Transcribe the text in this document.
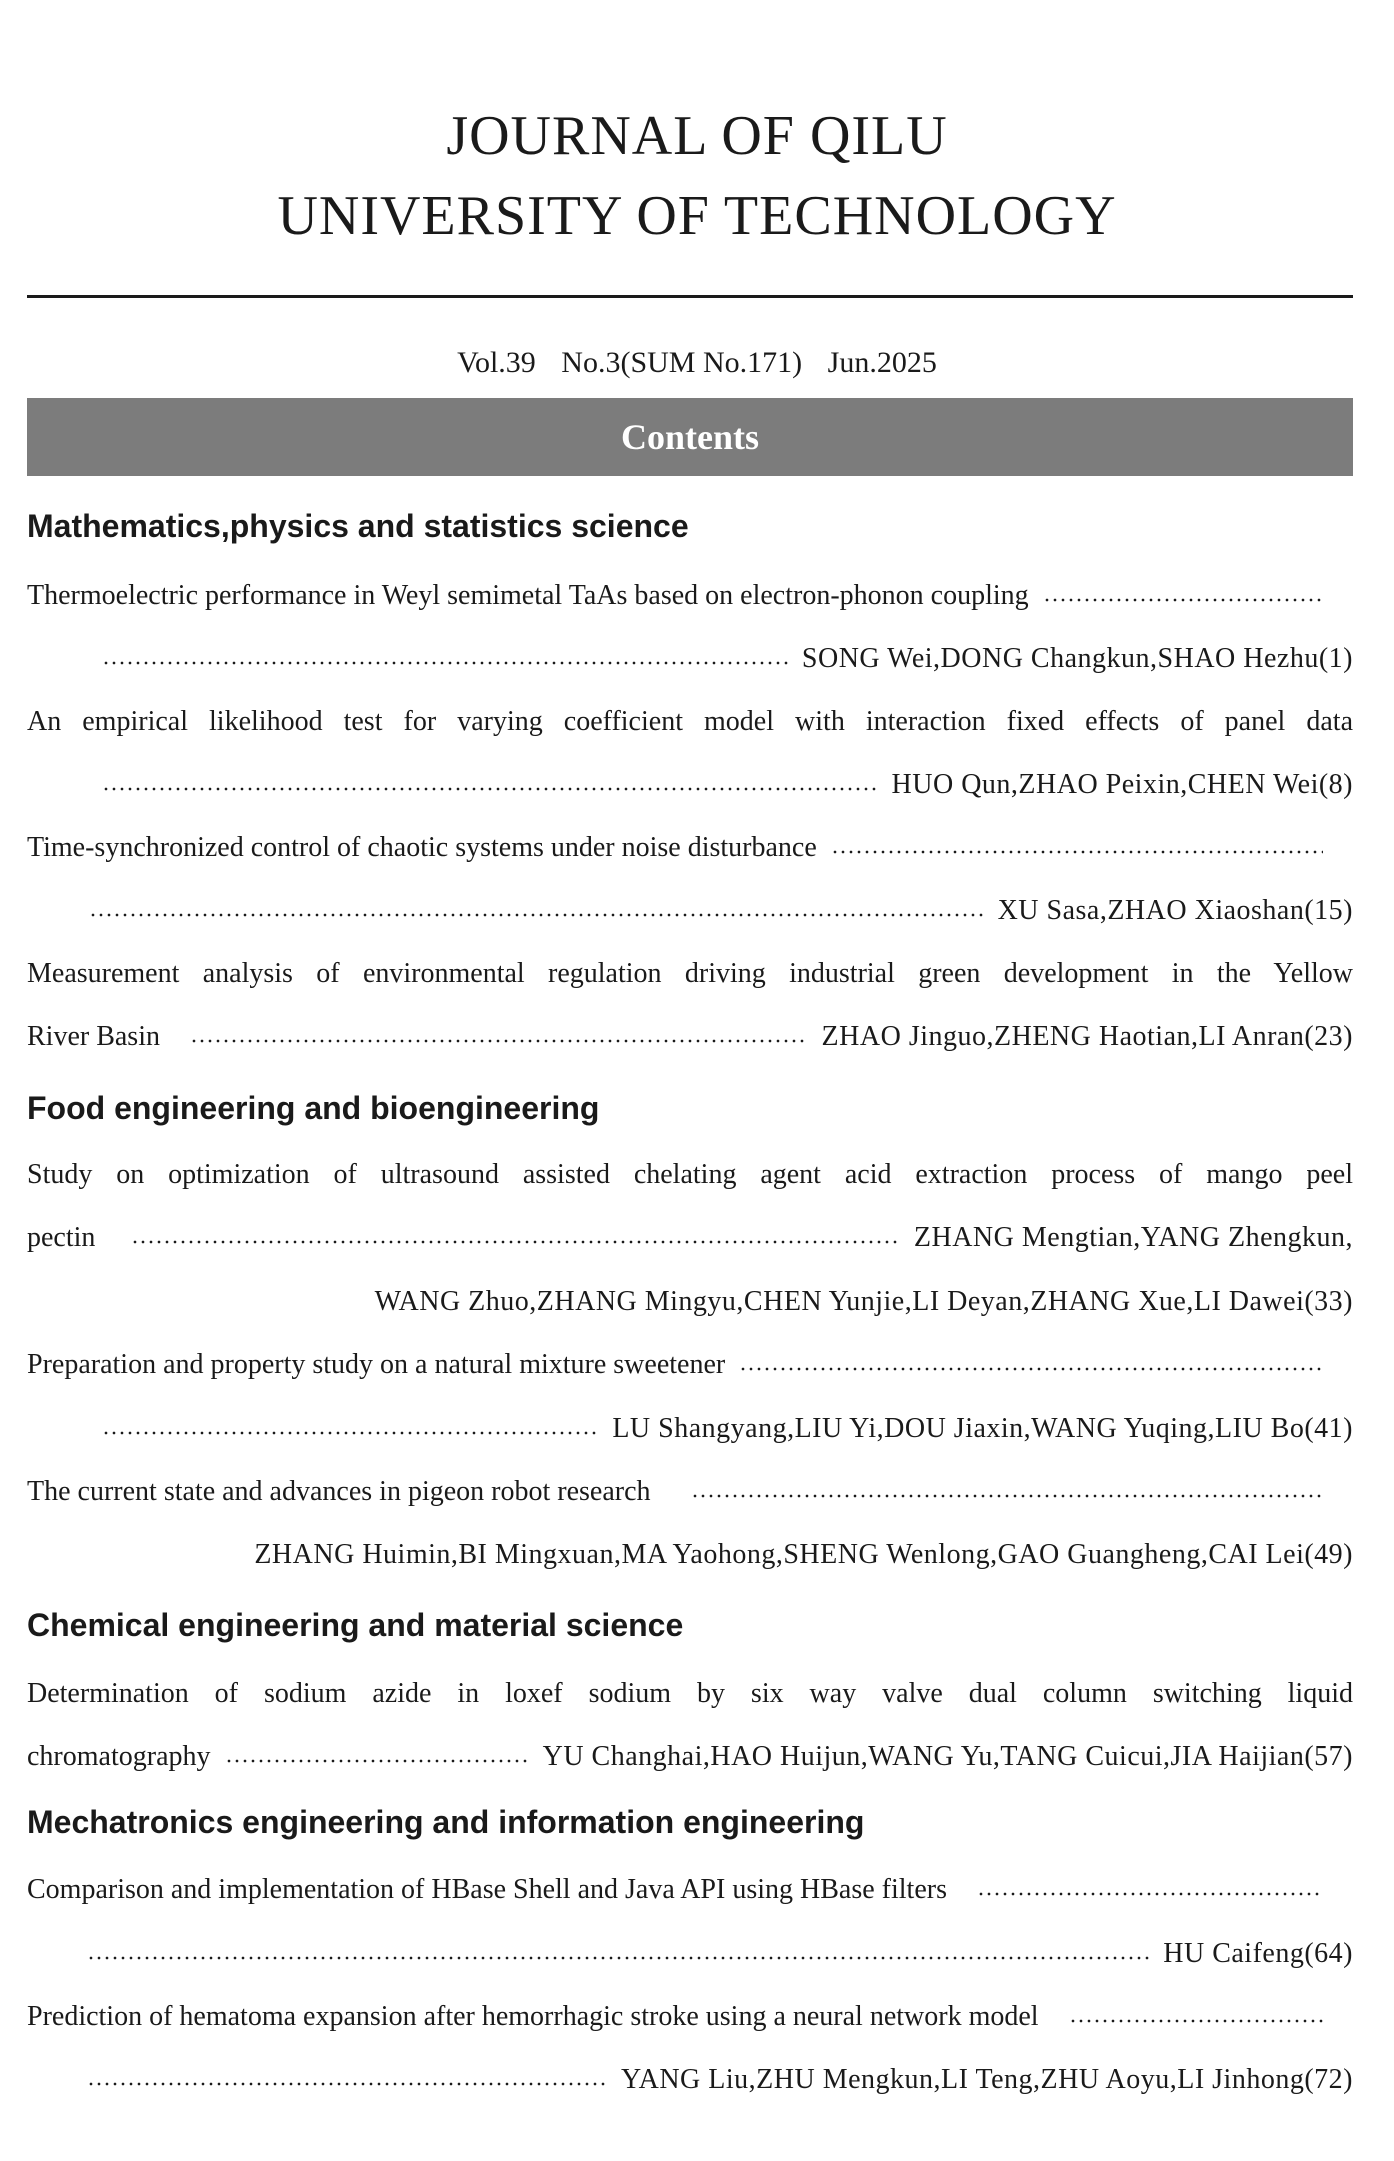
JOURNAL OF QILU
UNIVERSITY OF TECHNOLOGY
Vol.39 No.3(SUM No.171) Jun.2025
Contents
Mathematics,physics and statistics science
Thermoelectric performance in Weyl semimetal TaAs based on electron-phonon coupling
SONG Wei,DONG Changkun,SHAO Hezhu(1)
An empirical likelihood test for varying coefficient model with interaction fixed effects of panel data
HUO Qun,ZHAO Peixin,CHEN Wei(8)
Time-synchronized control of chaotic systems under noise disturbance
XU Sasa,ZHAO Xiaoshan(15)
Measurement analysis of environmental regulation driving industrial green development in the Yellow
River Basin	ZHAO Jinguo,ZHENG Haotian,LI Anran(23)
Food engineering and bioengineering
Study on optimization of ultrasound assisted chelating agent acid extraction process of mango peel
pectin	ZHANG Mengtian,YANG Zhengkun,
WANG Zhuo,ZHANG Mingyu,CHEN Yunjie,LI Deyan,ZHANG Xue,LI Dawei(33)
Preparation and property study on a natural mixture sweetener
LU Shangyang,LIU Yi,DOU Jiaxin,WANG Yuqing,LIU Bo(41)
The current state and advances in pigeon robot research
ZHANG Huimin,BI Mingxuan,MA Yaohong,SHENG Wenlong,GAO Guangheng,CAI Lei(49)
Chemical engineering and material science
Determination of sodium azide in loxef sodium by six way valve dual column switching liquid
chromatography	YU Changhai,HAO Huijun,WANG Yu,TANG Cuicui,JIA Haijian(57)
Mechatronics engineering and information engineering
Comparison and implementation of HBase Shell and Java API using HBase filters
HU Caifeng(64)
Prediction of hematoma expansion after hemorrhagic stroke using a neural network model
YANG Liu,ZHU Mengkun,LI Teng,ZHU Aoyu,LI Jinhong(72)
